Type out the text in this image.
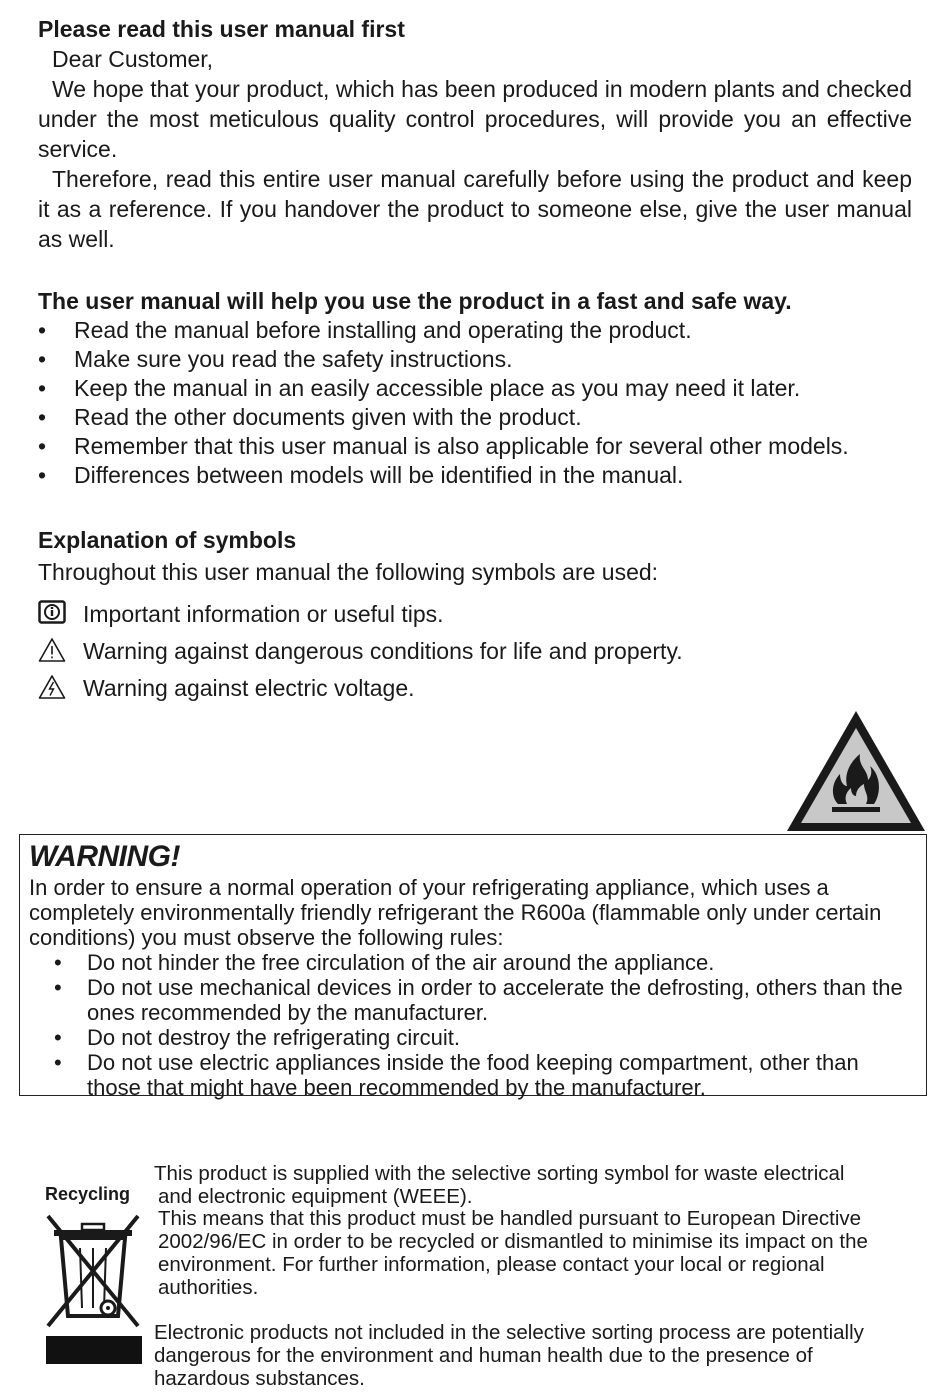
Please read this user manual first

Dear Customer,

We hope that your product, which has been produced in modern plants and checked under the most meticulous quality control procedures, will provide you an effective service.

Therefore, read this entire user manual carefully before using the product and keep it as a reference. If you handover the product to someone else, give the user manual as well.

The user manual will help you use the product in a fast and safe way.
• Read the manual before installing and operating the product.
• Make sure you read the safety instructions.
• Keep the manual in an easily accessible place as you may need it later.
• Read the other documents given with the product.
• Remember that this user manual is also applicable for several other models.
• Differences between models will be identified in the manual.
Explanation of symbols

Throughout this user manual the following symbols are used:

Important information or useful tips.
Warning against dangerous conditions for life and property.
Warning against electric voltage.
WARNING!

In order to ensure a normal operation of your refrigerating appliance, which uses a completely environmentally friendly refrigerant the R600a (flammable only under certain conditions) you must observe the following rules:

• Do not hinder the free circulation of the air around the appliance.
• Do not use mechanical devices in order to accelerate the defrosting, others than the ones recommended by the manufacturer.
• Do not destroy the refrigerating circuit.
• Do not use electric appliances inside the food keeping compartment, other than those that might have been recommended by the manufacturer.
Recycling

This product is supplied with the selective sorting symbol for waste electrical

and electronic equipment (WEEE).

This means that this product must be handled pursuant to European Directive 2002/96/EC in order to be recycled or dismantled to minimise its impact on the environment. For further information, please contact your local or regional authorities.

Electronic products not included in the selective sorting process are potentially dangerous for the environment and human health due to the presence of hazardous substances.
